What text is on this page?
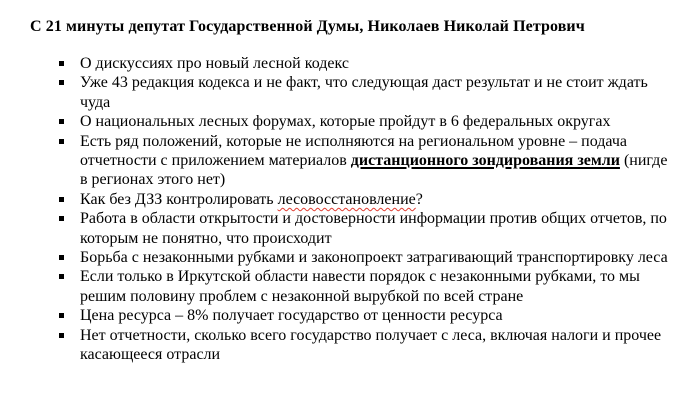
С 21 минуты депутат Государственной Думы, Николаев Николай Петрович
О дискуссиях про новый лесной кодекс
Уже 43 редакция кодекса и не факт, что следующая даст результат и не стоит ждать чуда
О национальных лесных форумах, которые пройдут в 6 федеральных округах
Есть ряд положений, которые не исполняются на региональном уровне – подача отчетности с приложением материалов дистанционного зондирования земли (нигде в регионах этого нет)
Как без ДЗЗ контролировать лесовосстановление?
Работа в области открытости и достоверности информации против общих отчетов, по которым не понятно, что происходит
Борьба с незаконными рубками и законопроект затрагивающий транспортировку леса
Если только в Иркутской области навести порядок с незаконными рубками, то мы решим половину проблем с незаконной вырубкой по всей стране
Цена ресурса – 8% получает государство от ценности ресурса
Нет отчетности, сколько всего государство получает с леса, включая налоги и прочее касающееся отрасли
